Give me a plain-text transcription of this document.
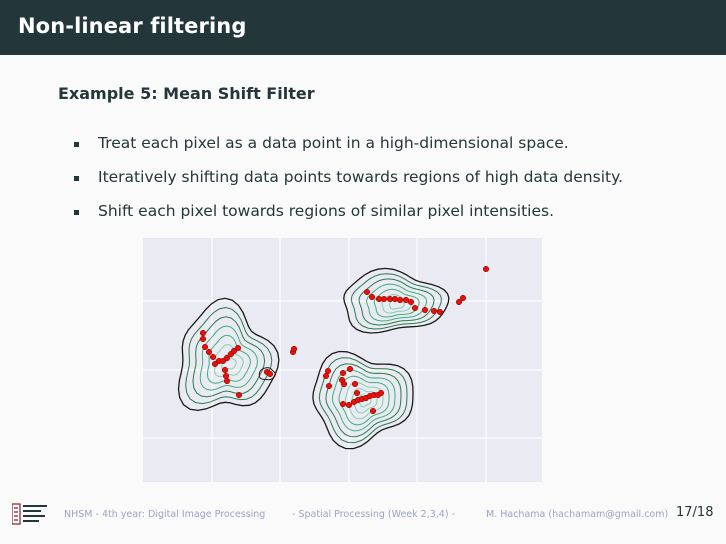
Non-linear filtering
Example 5: Mean Shift Filter
Treat each pixel as a data point in a high-dimensional space.
Iteratively shifting data points towards regions of high data density.
Shift each pixel towards regions of similar pixel intensities.
NHSM - 4th year: Digital Image Processing	- Spatial Processing (Week 2,3,4) -	M. Hachama (hachamam@gmail.com) 17/18
